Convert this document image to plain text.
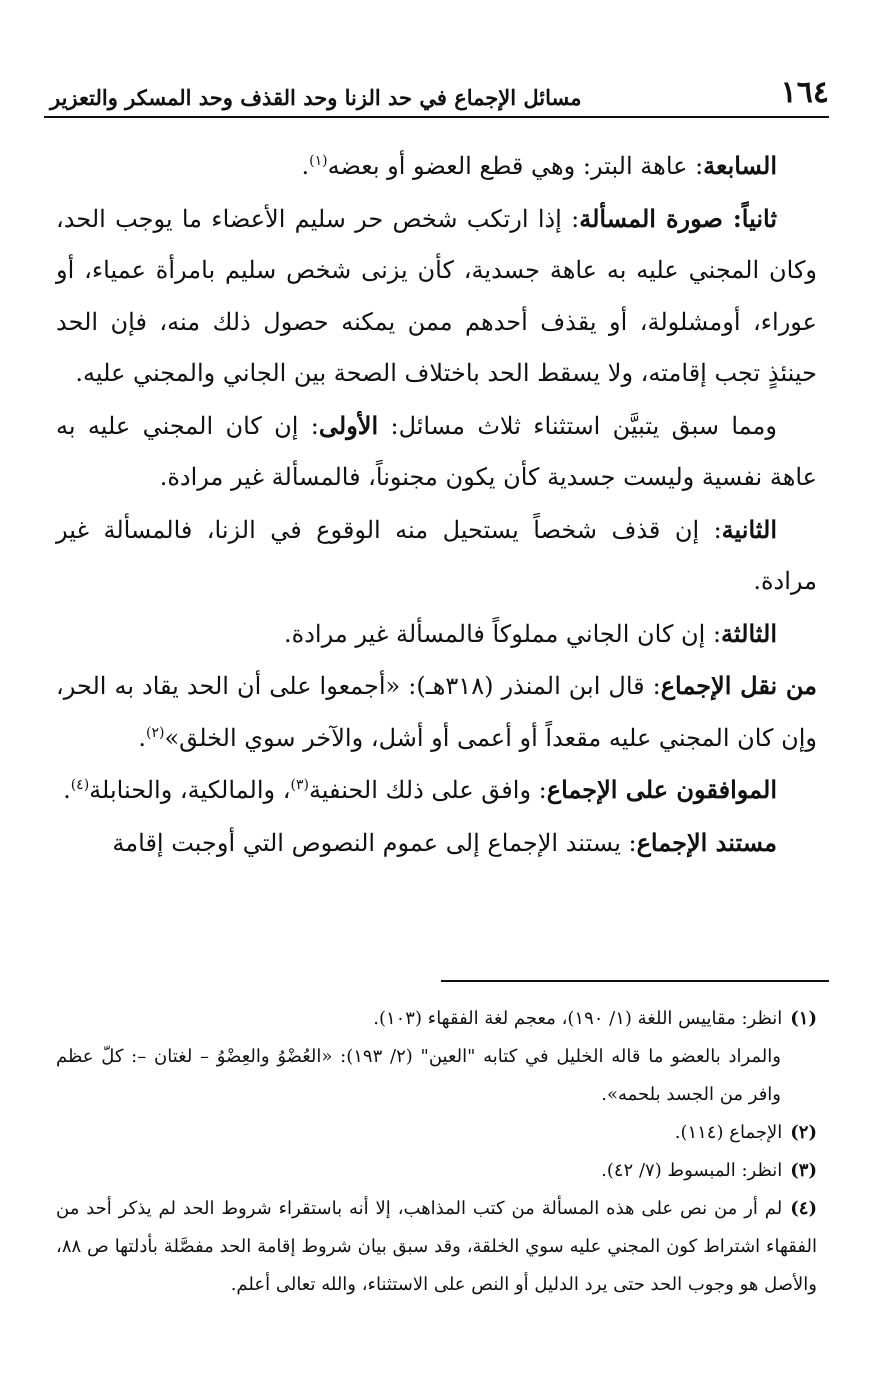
١٦٤
مسائل الإجماع في حد الزنا وحد القذف وحد المسكر والتعزير

السابعة: عاهة البتر: وهي قطع العضو أو بعضه$^{(١)}$.

ثانياً: صورة المسألة: إذا ارتكب شخص حر سليم الأعضاء ما يوجب الحد، وكان المجني عليه به عاهة جسدية، كأن يزنى شخص سليم بامرأة عمياء، أو عوراء، أومشلولة، أو يقذف أحدهم ممن يمكنه حصول ذلك منه، فإن الحد حينئذٍ تجب إقامته، ولا يسقط الحد باختلاف الصحة بين الجاني والمجني عليه.

ومما سبق يتبيَّن استثناء ثلاث مسائل: الأولى: إن كان المجني عليه به عاهة نفسية وليست جسدية كأن يكون مجنوناً، فالمسألة غير مرادة.

الثانية: إن قذف شخصاً يستحيل منه الوقوع في الزنا، فالمسألة غير مرادة.

الثالثة: إن كان الجاني مملوكاً فالمسألة غير مرادة.

من نقل الإجماع: قال ابن المنذر (٣١٨هـ): «أجمعوا على أن الحد يقاد به الحر، وإن كان المجني عليه مقعداً أو أعمى أو أشل، والآخر سوي الخلق»$^{(٢)}$.

الموافقون على الإجماع: وافق على ذلك الحنفية$^{(٣)}$، والمالكية، والحنابلة$^{(٤)}$.

مستند الإجماع: يستند الإجماع إلى عموم النصوص التي أوجبت إقامة

(١)انظر: مقاييس اللغة (١/ ١٩٠)، معجم لغة الفقهاء (١٠٣).

والمراد بالعضو ما قاله الخليل في كتابه "العين" (٢/ ١٩٣): «العُضْوُ والعِضْوُ – لغتان –: كلّ عظم وافر من الجسد بلحمه».

(٢)الإجماع (١١٤).

(٣)انظر: المبسوط (٧/ ٤٢).

(٤)لم أر من نص على هذه المسألة من كتب المذاهب، إلا أنه باستقراء شروط الحد لم يذكر أحد من الفقهاء اشتراط كون المجني عليه سوي الخلقة، وقد سبق بيان شروط إقامة الحد مفصَّلة بأدلتها ص ٨٨، والأصل هو وجوب الحد حتى يرد الدليل أو النص على الاستثناء، والله تعالى أعلم.
